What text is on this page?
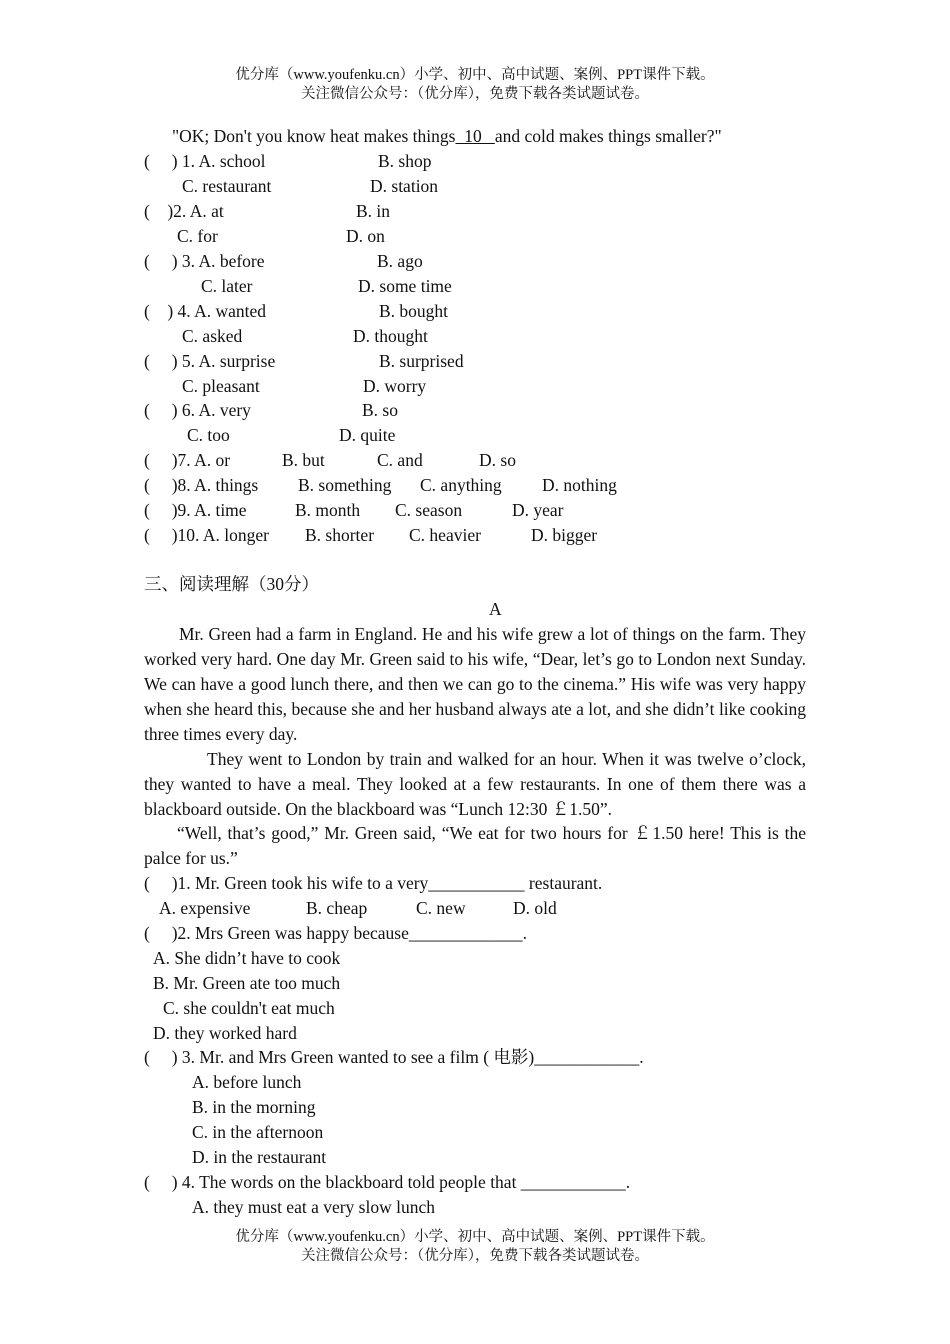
优分库（www.youfenku.cn）小学、初中、高中试题、案例、PPT课件下载。
关注微信公众号：（优分库），免费下载各类试题试卷。
"OK; Don't you know heat makes things  10   and cold makes things smaller?"
(     ) 1. A. school	B. shop
C. restaurant	D. station
(    )2. A. at	B. in
C. for	D. on
(     ) 3. A. before	B. ago
C. later	D. some time
(    ) 4. A. wanted	B. bought
C. asked	D. thought
(     ) 5. A. surprise	B. surprised
C. pleasant	D. worry
(     ) 6. A. very	B. so
C. too	D. quite
(     )7. A. or	B. but	C. and	D. so
(     )8. A. things B. something C. anything D. nothing
(     )9. A. time	B. month C. season	D. year
(     )10. A. longer B. shorter C. heavier	D. bigger
三、阅读理解（30分）
A
Mr. Green had a farm in England. He and his wife grew a lot of things on the farm. They worked very hard. One day Mr. Green said to his wife, “Dear, let’s go to London next Sunday. We can have a good lunch there, and then we can go to the cinema.” His wife was very happy when she heard this, because she and her husband always ate a lot, and she didn’t like cooking three times every day.
They went to London by train and walked for an hour. When it was twelve o’clock, they wanted to have a meal. They looked at a few restaurants. In one of them there was a blackboard outside. On the blackboard was “Lunch 12:30 ￡1.50”.
“Well, that’s good,” Mr. Green said, “We eat for two hours for ￡1.50 here! This is the palce for us.”
(     )1. Mr. Green took his wife to a very___________ restaurant.
A. expensive	B. cheap	C. new	D. old
(     )2. Mrs Green was happy because_____________.
A. She didn’t have to cook
B. Mr. Green ate too much
C. she couldn't eat much
D. they worked hard
(     ) 3. Mr. and Mrs Green wanted to see a film ( 电影)____________.
A. before lunch
B. in the morning
C. in the afternoon
D. in the restaurant
(     ) 4. The words on the blackboard told people that ____________.
A. they must eat a very slow lunch
优分库（www.youfenku.cn）小学、初中、高中试题、案例、PPT课件下载。
关注微信公众号：（优分库），免费下载各类试题试卷。
